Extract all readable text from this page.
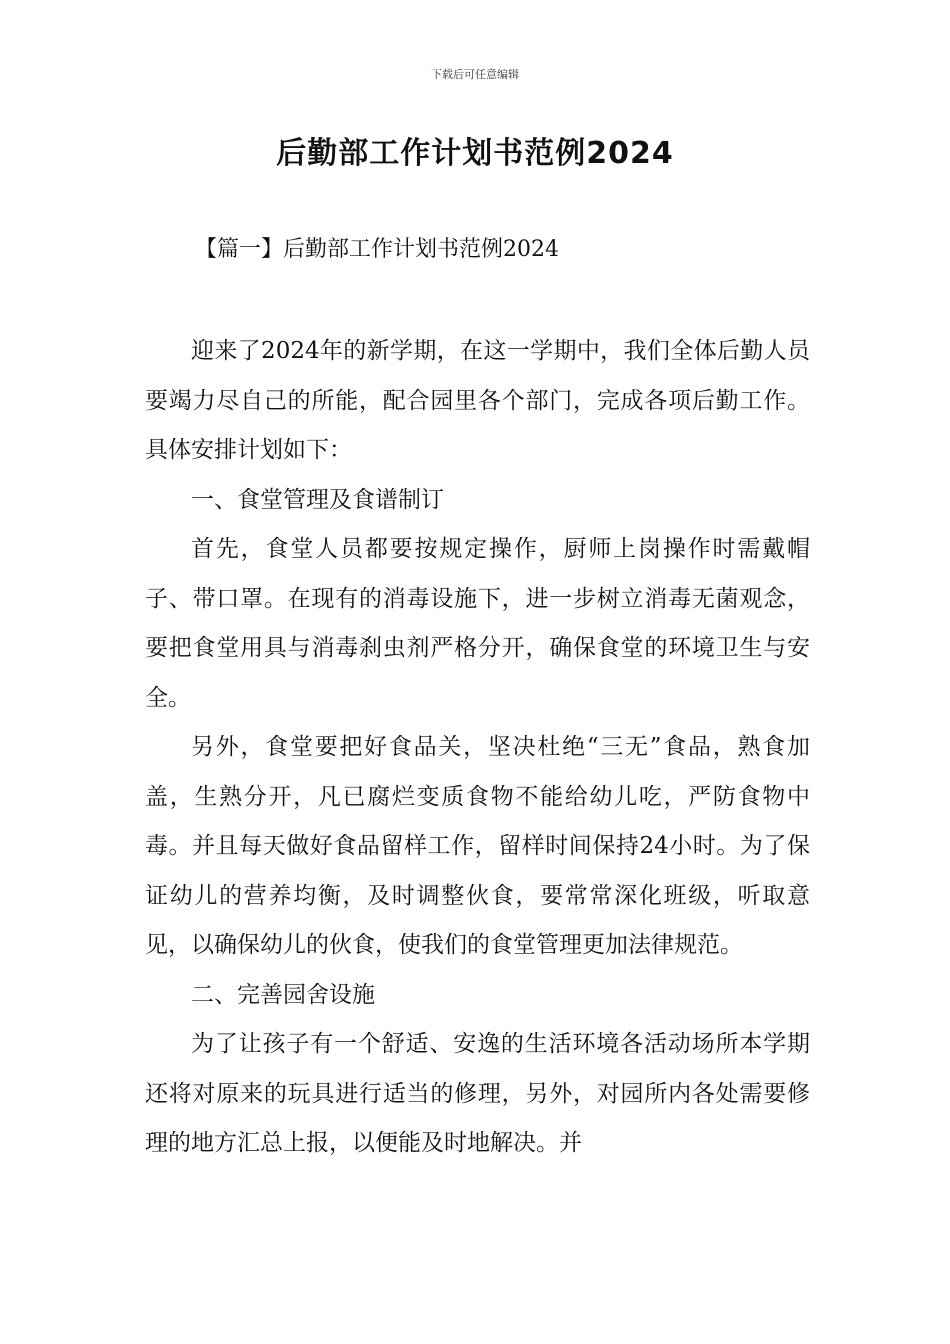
下载后可任意编辑
后勤部工作计划书范例2024
【篇一】后勤部工作计划书范例2024

迎来了2024年的新学期，在这一学期中，我们全体后勤人员要竭力尽自己的所能，配合园里各个部门，完成各项后勤工作。具体安排计划如下：

一、食堂管理及食谱制订

首先，食堂人员都要按规定操作，厨师上岗操作时需戴帽子、带口罩。在现有的消毒设施下，进一步树立消毒无菌观念，要把食堂用具与消毒刹虫剂严格分开，确保食堂的环境卫生与安全。

另外，食堂要把好食品关，坚决杜绝“三无”食品，熟食加盖，生熟分开，凡已腐烂变质食物不能给幼儿吃，严防食物中毒。并且每天做好食品留样工作，留样时间保持24小时。为了保证幼儿的营养均衡，及时调整伙食，要常常深化班级，听取意见，以确保幼儿的伙食，使我们的食堂管理更加法律规范。

二、完善园舍设施

为了让孩子有一个舒适、安逸的生活环境各活动场所本学期还将对原来的玩具进行适当的修理，另外，对园所内各处需要修理的地方汇总上报，以便能及时地解决。并
